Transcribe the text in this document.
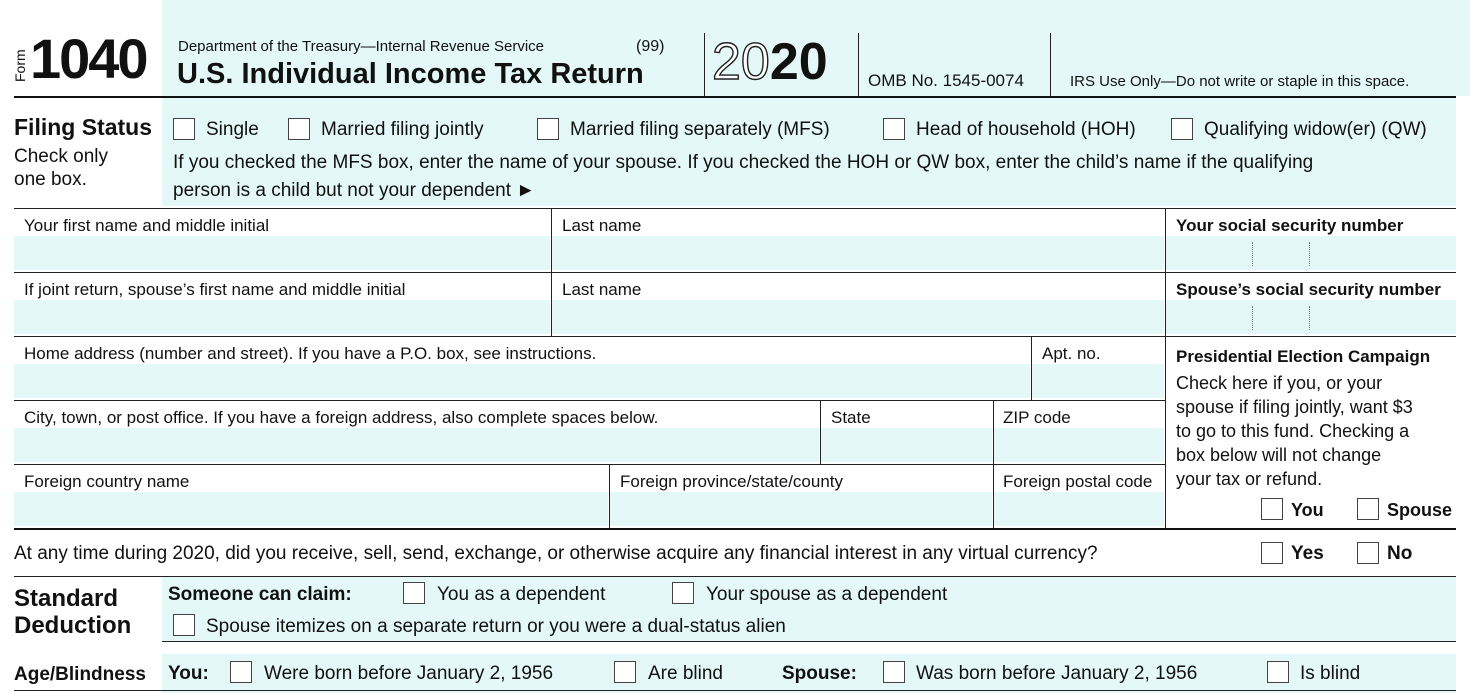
Form 1040 Department of the Treasury—Internal Revenue Service	(99)
U.S. Individual Income Tax Return 2020 OMB No. 1545-0074	IRS Use Only—Do not write or staple in this space.
Filing Status
Check only
one box.
Single	Married filing jointly	Married filing separately (MFS)	Head of household (HOH)	Qualifying widow(er) (QW)
If you checked the MFS box, enter the name of your spouse. If you checked the HOH or QW box, enter the child’s name if the qualifying
person is a child but not your dependent ►
Your first name and middle initial	Last name	Your social security number
If joint return, spouse’s first name and middle initial	Last name	Spouse’s social security number
Home address (number and street). If you have a P.O. box, see instructions.	Apt. no.
City, town, or post office. If you have a foreign address, also complete spaces below.	State	ZIP code
Foreign country name	Foreign province/state/county	Foreign postal code
Presidential Election Campaign
Check here if you, or your
spouse if filing jointly, want $3
to go to this fund. Checking a
box below will not change
your tax or refund.
You	Spouse
At any time during 2020, did you receive, sell, send, exchange, or otherwise acquire any financial interest in any virtual currency?	Yes	No
Standard
Deduction
Someone can claim:	You as a dependent	Your spouse as a dependent
Spouse itemizes on a separate return or you were a dual-status alien
Age/Blindness You:	Were born before January 2, 1956	Are blind	Spouse:	Was born before January 2, 1956	Is blind
